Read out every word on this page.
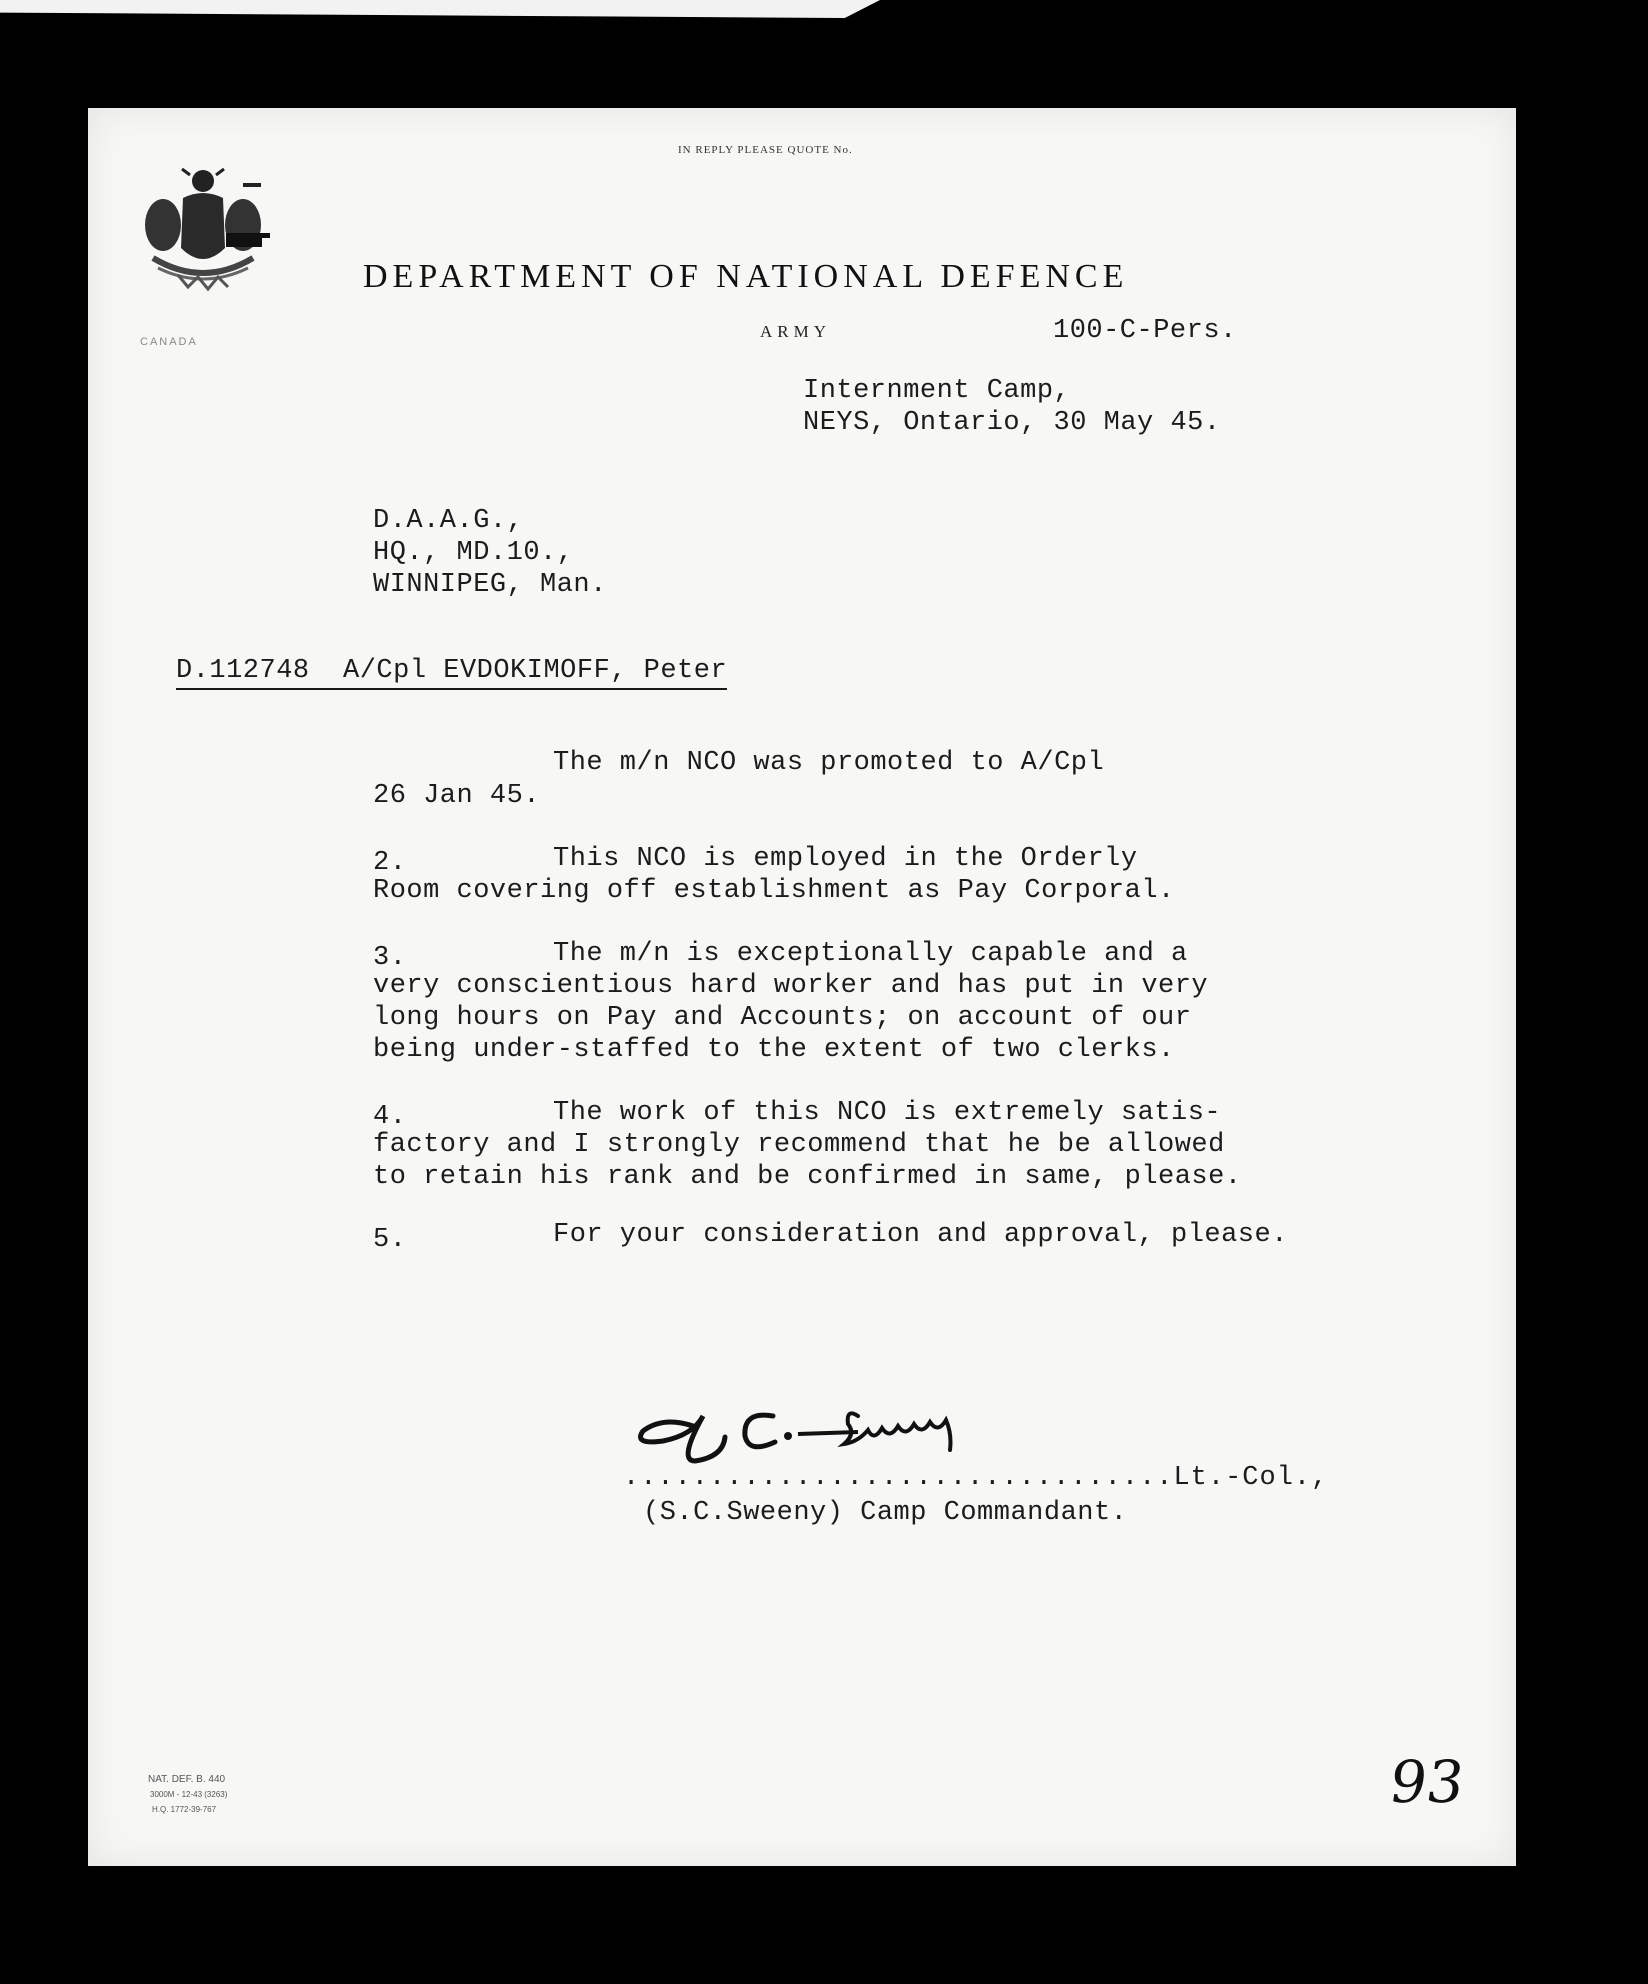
CANADA
IN REPLY PLEASE QUOTE No.
DEPARTMENT OF NATIONAL DEFENCE
ARMY	100-C-Pers.
Internment Camp,
NEYS, Ontario, 30 May 45.
D.A.A.G.,
HQ., MD.10.,
WINNIPEG, Man.
D.112748  A/Cpl EVDOKIMOFF, Peter
The m/n NCO was promoted to A/Cpl
26 Jan 45.
2.	This NCO is employed in the Orderly
Room covering off establishment as Pay Corporal.
3.	The m/n is exceptionally capable and a
very conscientious hard worker and has put in very
long hours on Pay and Accounts; on account of our
being under-staffed to the extent of two clerks.
4.	The work of this NCO is extremely satis-
factory and I strongly recommend that he be allowed
to retain his rank and be confirmed in same, please.
5.	For your consideration and approval, please.
................................Lt.-Col.,
(S.C.Sweeny) Camp Commandant.
NAT. DEF. B. 440
3000M - 12-43 (3263)
H.Q. 1772-39-767	93
